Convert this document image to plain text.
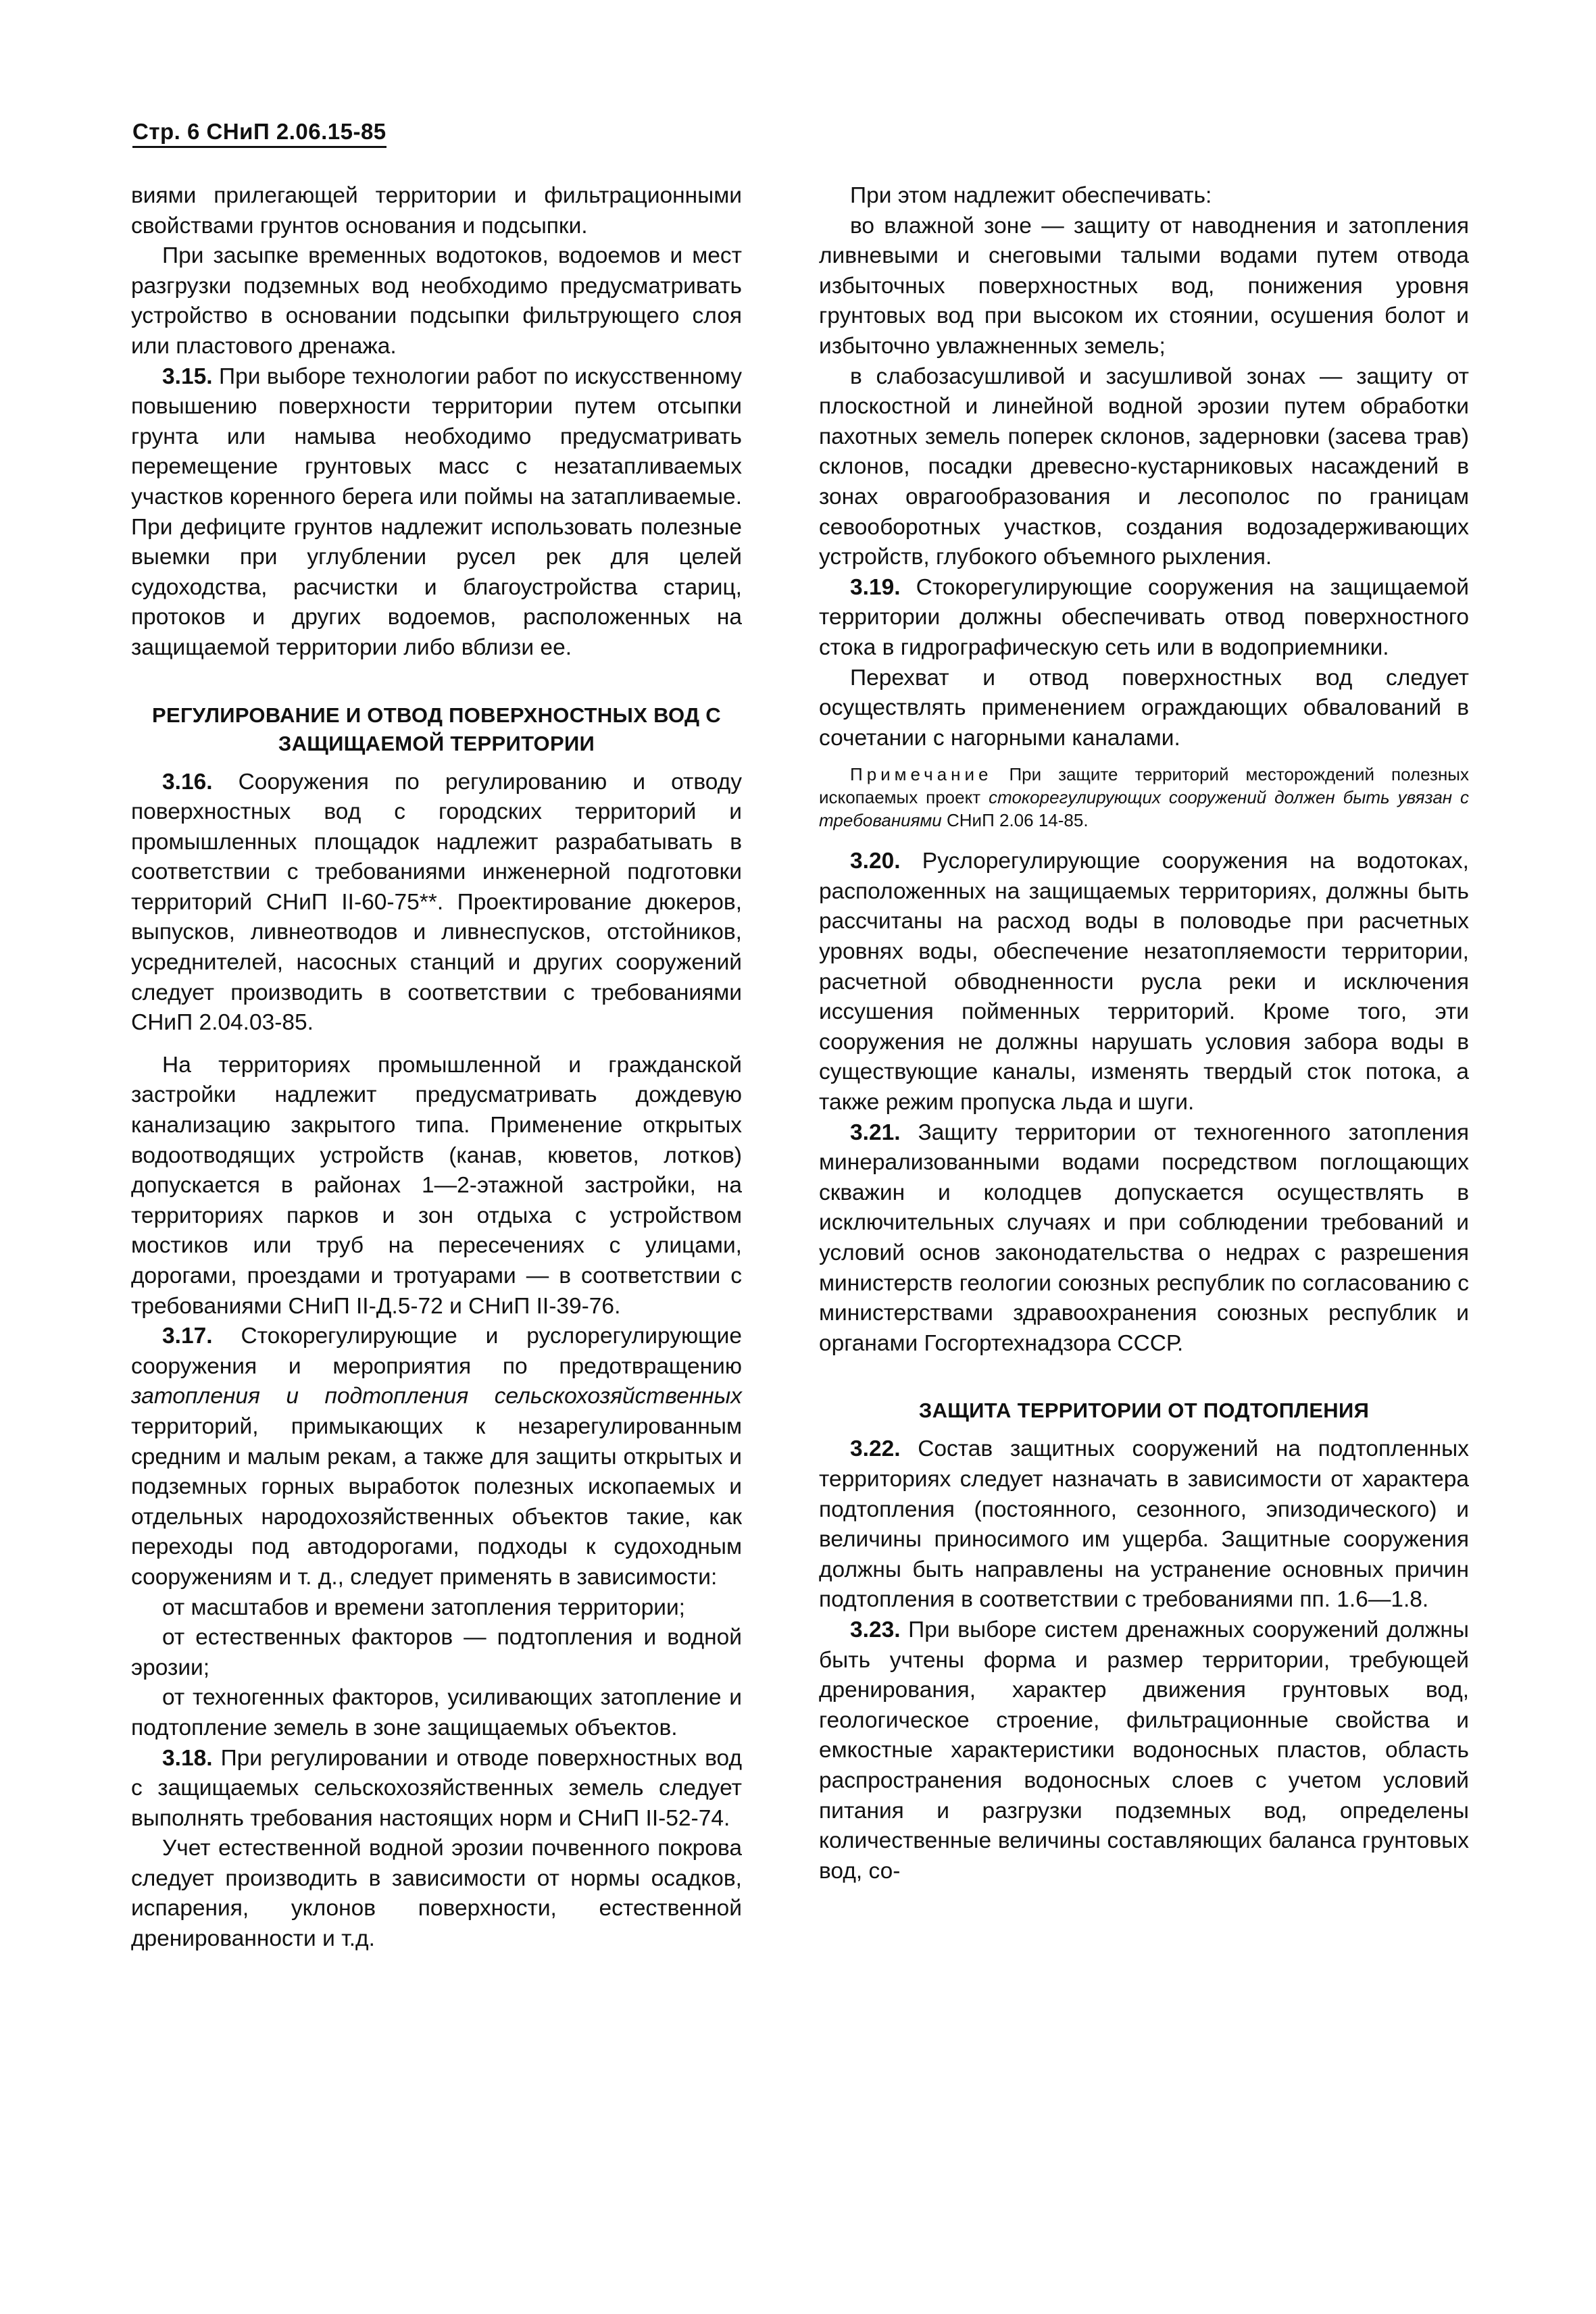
Стр. 6 СНиП 2.06.15-85

виями прилегающей территории и фильтрационными свойствами грунтов основания и подсыпки.

При засыпке временных водотоков, водоемов и мест разгрузки подземных вод необходимо предусматривать устройство в основании подсыпки фильтрующего слоя или пластового дренажа.

3.15. При выборе технологии работ по искусственному повышению поверхности территории путем отсыпки грунта или намыва необходимо предусматривать перемещение грунтовых масс с незатапливаемых участков коренного берега или поймы на затапливаемые. При дефиците грунтов надлежит использовать полезные выемки при углублении русел рек для целей судоходства, расчистки и благоустройства стариц, протоков и других водоемов, расположенных на защищаемой территории либо вблизи ее.

РЕГУЛИРОВАНИЕ И ОТВОД ПОВЕРХНОСТНЫХ ВОД С ЗАЩИЩАЕМОЙ ТЕРРИТОРИИ

3.16. Сооружения по регулированию и отводу поверхностных вод с городских территорий и промышленных площадок надлежит разрабатывать в соответствии с требованиями инженерной подготовки территорий СНиП II-60-75**. Проектирование дюкеров, выпусков, ливнеотводов и ливнеспусков, отстойников, усреднителей, насосных станций и других сооружений следует производить в соответствии с требованиями СНиП 2.04.03-85.

На территориях промышленной и гражданской застройки надлежит предусматривать дождевую канализацию закрытого типа. Применение открытых водоотводящих устройств (канав, кюветов, лотков) допускается в районах 1—2-этажной застройки, на территориях парков и зон отдыха с устройством мостиков или труб на пересечениях с улицами, дорогами, проездами и тротуарами — в соответствии с требованиями СНиП II-Д.5-72 и СНиП II-39-76.

3.17. Стокорегулирующие и руслорегулирующие сооружения и мероприятия по предотвращению затопления и подтопления сельскохозяйственных территорий, примыкающих к незарегулированным средним и малым рекам, а также для защиты открытых и подземных горных выработок полезных ископаемых и отдельных народохозяйственных объектов такие, как переходы под автодорогами, подходы к судоходным сооружениям и т. д., следует применять в зависимости:

от масштабов и времени затопления территории;

от естественных факторов — подтопления и водной эрозии;

от техногенных факторов, усиливающих затопление и подтопление земель в зоне защищаемых объектов.

3.18. При регулировании и отводе поверхностных вод с защищаемых сельскохозяйственных земель следует выполнять требования настоящих норм и СНиП II-52-74.

Учет естественной водной эрозии почвенного покрова следует производить в зависимости от нормы осадков, испарения, уклонов поверхности, естественной дренированности и т.д.

При этом надлежит обеспечивать:

во влажной зоне — защиту от наводнения и затопления ливневыми и снеговыми талыми водами путем отвода избыточных поверхностных вод, понижения уровня грунтовых вод при высоком их стоянии, осушения болот и избыточно увлажненных земель;

в слабозасушливой и засушливой зонах — защиту от плоскостной и линейной водной эрозии путем обработки пахотных земель поперек склонов, задерновки (засева трав) склонов, посадки древесно-кустарниковых насаждений в зонах оврагообразования и лесополос по границам севооборотных участков, создания водозадерживающих устройств, глубокого объемного рыхления.

3.19. Стокорегулирующие сооружения на защищаемой территории должны обеспечивать отвод поверхностного стока в гидрографическую сеть или в водоприемники.

Перехват и отвод поверхностных вод следует осуществлять применением ограждающих обвалований в сочетании с нагорными каналами.

Примечание При защите территорий месторождений полезных ископаемых проект стокорегулирующих сооружений должен быть увязан с требованиями СНиП 2.06 14-85.

3.20. Руслорегулирующие сооружения на водотоках, расположенных на защищаемых территориях, должны быть рассчитаны на расход воды в половодье при расчетных уровнях воды, обеспечение незатопляемости территории, расчетной обводненности русла реки и исключения иссушения пойменных территорий. Кроме того, эти сооружения не должны нарушать условия забора воды в существующие каналы, изменять твердый сток потока, а также режим пропуска льда и шуги.

3.21. Защиту территории от техногенного затопления минерализованными водами посредством поглощающих скважин и колодцев допускается осуществлять в исключительных случаях и при соблюдении требований и условий основ законодательства о недрах с разрешения министерств геологии союзных республик по согласованию с министерствами здравоохранения союзных республик и органами Госгортехнадзора СССР.

ЗАЩИТА ТЕРРИТОРИИ ОТ ПОДТОПЛЕНИЯ

3.22. Состав защитных сооружений на подтопленных территориях следует назначать в зависимости от характера подтопления (постоянного, сезонного, эпизодического) и величины приносимого им ущерба. Защитные сооружения должны быть направлены на устранение основных причин подтопления в соответствии с требованиями пп. 1.6—1.8.

3.23. При выборе систем дренажных сооружений должны быть учтены форма и размер территории, требующей дренирования, характер движения грунтовых вод, геологическое строение, фильтрационные свойства и емкостные характеристики водоносных пластов, область распространения водоносных слоев с учетом условий питания и разгрузки подземных вод, определены количественные величины составляющих баланса грунтовых вод, со-
